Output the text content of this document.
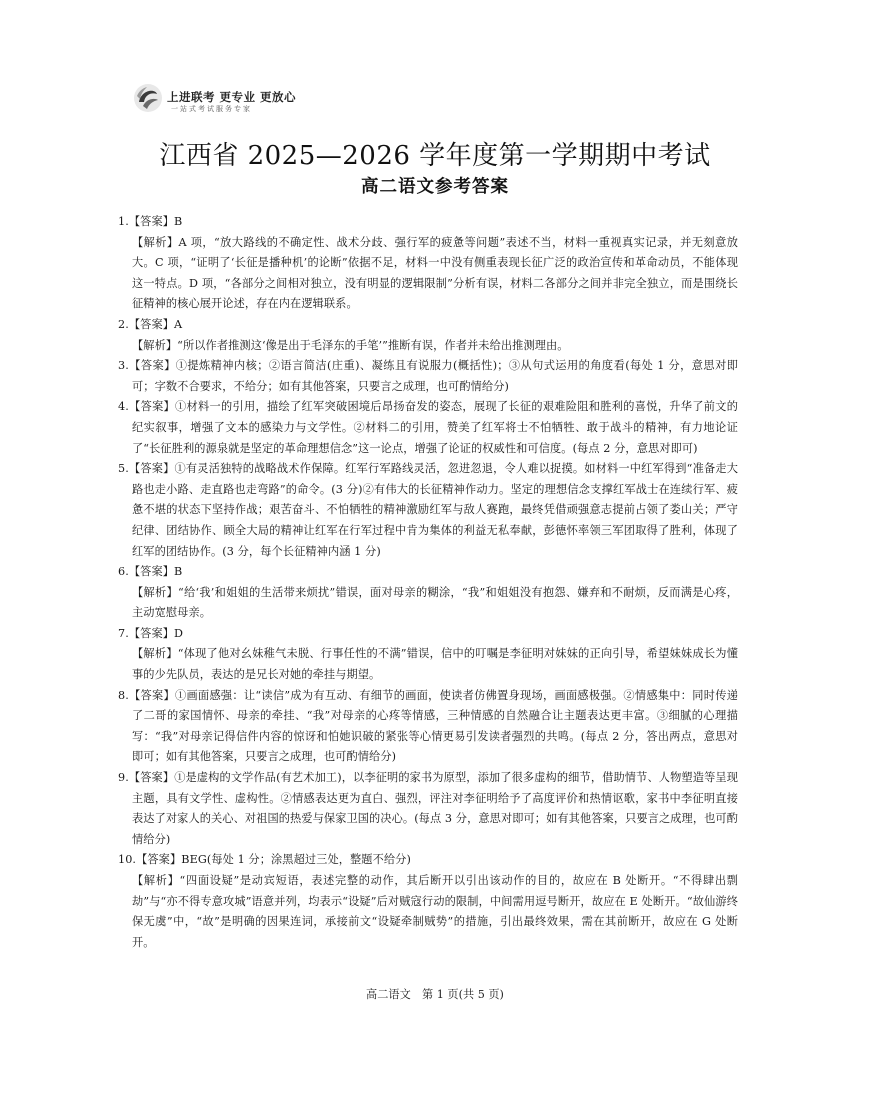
上进联考 更专业 更放心
一站式考试服务专家
江西省 2025—2026 学年度第一学期期中考试
高二语文参考答案

1.【答案】B

【解析】A 项，“放大路线的不确定性、战术分歧、强行军的疲惫等问题”表述不当，材料一重视真实记录，并无刻意放大。C 项，“证明了‘长征是播种机’的论断”依据不足，材料一中没有侧重表现长征广泛的政治宣传和革命动员，不能体现这一特点。D 项，“各部分之间相对独立，没有明显的逻辑限制”分析有误，材料二各部分之间并非完全独立，而是围绕长征精神的核心展开论述，存在内在逻辑联系。

2.【答案】A

【解析】“所以作者推测这‘像是出于毛泽东的手笔’”推断有误，作者并未给出推测理由。

3.【答案】①提炼精神内核；②语言简洁(庄重)、凝练且有说服力(概括性)；③从句式运用的角度看(每处 1 分，意思对即可；字数不合要求，不给分；如有其他答案，只要言之成理，也可酌情给分)

4.【答案】①材料一的引用，描绘了红军突破困境后昂扬奋发的姿态，展现了长征的艰难险阻和胜利的喜悦，升华了前文的纪实叙事，增强了文本的感染力与文学性。②材料二的引用，赞美了红军将士不怕牺牲、敢于战斗的精神，有力地论证了“长征胜利的源泉就是坚定的革命理想信念”这一论点，增强了论证的权威性和可信度。(每点 2 分，意思对即可)

5.【答案】①有灵活独特的战略战术作保障。红军行军路线灵活，忽进忽退，令人难以捉摸。如材料一中红军得到“准备走大路也走小路、走直路也走弯路”的命令。(3 分)②有伟大的长征精神作动力。坚定的理想信念支撑红军战士在连续行军、疲惫不堪的状态下坚持作战；艰苦奋斗、不怕牺牲的精神激励红军与敌人赛跑，最终凭借顽强意志提前占领了娄山关；严守纪律、团结协作、顾全大局的精神让红军在行军过程中肯为集体的利益无私奉献，彭德怀率领三军团取得了胜利，体现了红军的团结协作。(3 分，每个长征精神内涵 1 分)

6.【答案】B

【解析】“给‘我’和姐姐的生活带来烦扰”错误，面对母亲的糊涂，“我”和姐姐没有抱怨、嫌弃和不耐烦，反而满是心疼，主动宽慰母亲。

7.【答案】D

【解析】“体现了他对幺妹稚气未脱、行事任性的不满”错误，信中的叮嘱是李征明对妹妹的正向引导，希望妹妹成长为懂事的少先队员，表达的是兄长对她的牵挂与期望。

8.【答案】①画面感强：让“读信”成为有互动、有细节的画面，使读者仿佛置身现场，画面感极强。②情感集中：同时传递了二哥的家国情怀、母亲的牵挂、“我”对母亲的心疼等情感，三种情感的自然融合让主题表达更丰富。③细腻的心理描写：“我”对母亲记得信件内容的惊讶和怕她识破的紧张等心情更易引发读者强烈的共鸣。(每点 2 分，答出两点，意思对即可；如有其他答案，只要言之成理，也可酌情给分)

9.【答案】①是虚构的文学作品(有艺术加工)，以李征明的家书为原型，添加了很多虚构的细节，借助情节、人物塑造等呈现主题，具有文学性、虚构性。②情感表达更为直白、强烈，评注对李征明给予了高度评价和热情讴歌，家书中李征明直接表达了对家人的关心、对祖国的热爱与保家卫国的决心。(每点 3 分，意思对即可；如有其他答案，只要言之成理，也可酌情给分)

10.【答案】BEG(每处 1 分；涂黑超过三处，整题不给分)

【解析】“四面设疑”是动宾短语，表述完整的动作，其后断开以引出该动作的目的，故应在 B 处断开。“不得肆出剽劫”与“亦不得专意攻城”语意并列，均表示“设疑”后对贼寇行动的限制，中间需用逗号断开，故应在 E 处断开。“故仙游终保无虞”中，“故”是明确的因果连词，承接前文“设疑牵制贼势”的措施，引出最终效果，需在其前断开，故应在 G 处断开。

高二语文　第 1 页(共 5 页)
